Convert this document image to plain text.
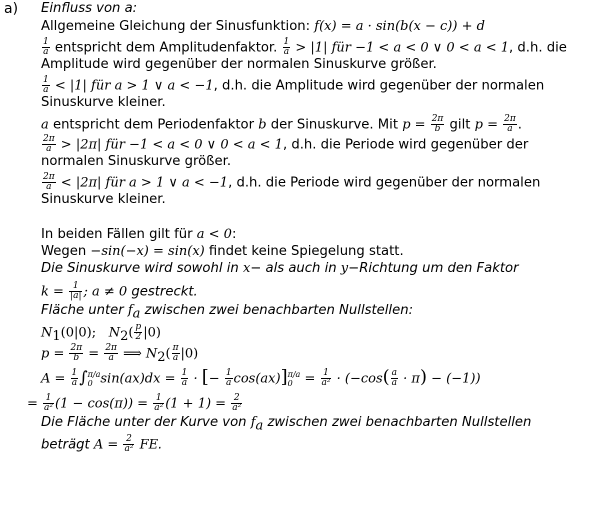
a) Einfluss von a:
Allgemeine Gleichung der Sinusfunktion: f(x) = a · sin(b(x − c)) + d
$\frac{1}{a}$ entspricht dem Amplitudenfaktor. $\frac{1}{a} > |1|$ für −1 < a < 0 ∨ 0 < a < 1, d.h. die
Amplitude wird gegenüber der normalen Sinuskurve größer.
$\frac{1}{a} < |1|$ für a > 1 ∨ a < −1, d.h. die Amplitude wird gegenüber der normalen
Sinuskurve kleiner.
a entspricht dem Periodenfaktor b der Sinuskurve. Mit $p = \frac{2\pi}{b}$ gilt $p = \frac{2\pi}{a}$ .
$\frac{2\pi}{a} > |2\pi|$ für −1 < a < 0 ∨ 0 < a < 1, d.h. die Periode wird gegenüber der
normalen Sinuskurve größer.
$\frac{2\pi}{a} < |2\pi|$ für a > 1 ∨ a < −1, d.h. die Periode wird gegenüber der normalen
Sinuskurve kleiner.
In beiden Fällen gilt für a < 0:
Wegen −sin(−x) = sin(x) findet keine Spiegelung statt.
Die Sinuskurve wird sowohl in x− als auch in y−Richtung um den Faktor
$k = \frac{1}{|a|}$ ; a ≠ 0 gestreckt.
Fläche unter $f_a$ zwischen zwei benachbarten Nullstellen:
$N_1(0|0)$; $N_2( \frac{p}{2} |0)$
$p = \frac{2\pi}{b} = \frac{2\pi}{a}$ ⟹ $N_2( \frac{\pi}{a} |0)$
$A = \frac{1}{a}$ ∫ π/a
0 $\sin(ax)dx = \frac{1}{a}$ · [− $\frac{1}{a} \cos(ax)$] π/a
$0 = \frac{1}{\text{a²}} \cdot (-\cos( \frac{a}{a} \cdot \pi) - (-1))$
= $\frac{1}{\text{a²}} (1 - \cos(\pi)) = \frac{1}{\text{a²}} (1 + 1) = \frac{2}{\text{a²}}$
Die Fläche unter der Kurve von $f_a$ zwischen zwei benachbarten Nullstellen
beträgt $A = \frac{2}{\text{a²}}$ FE.
